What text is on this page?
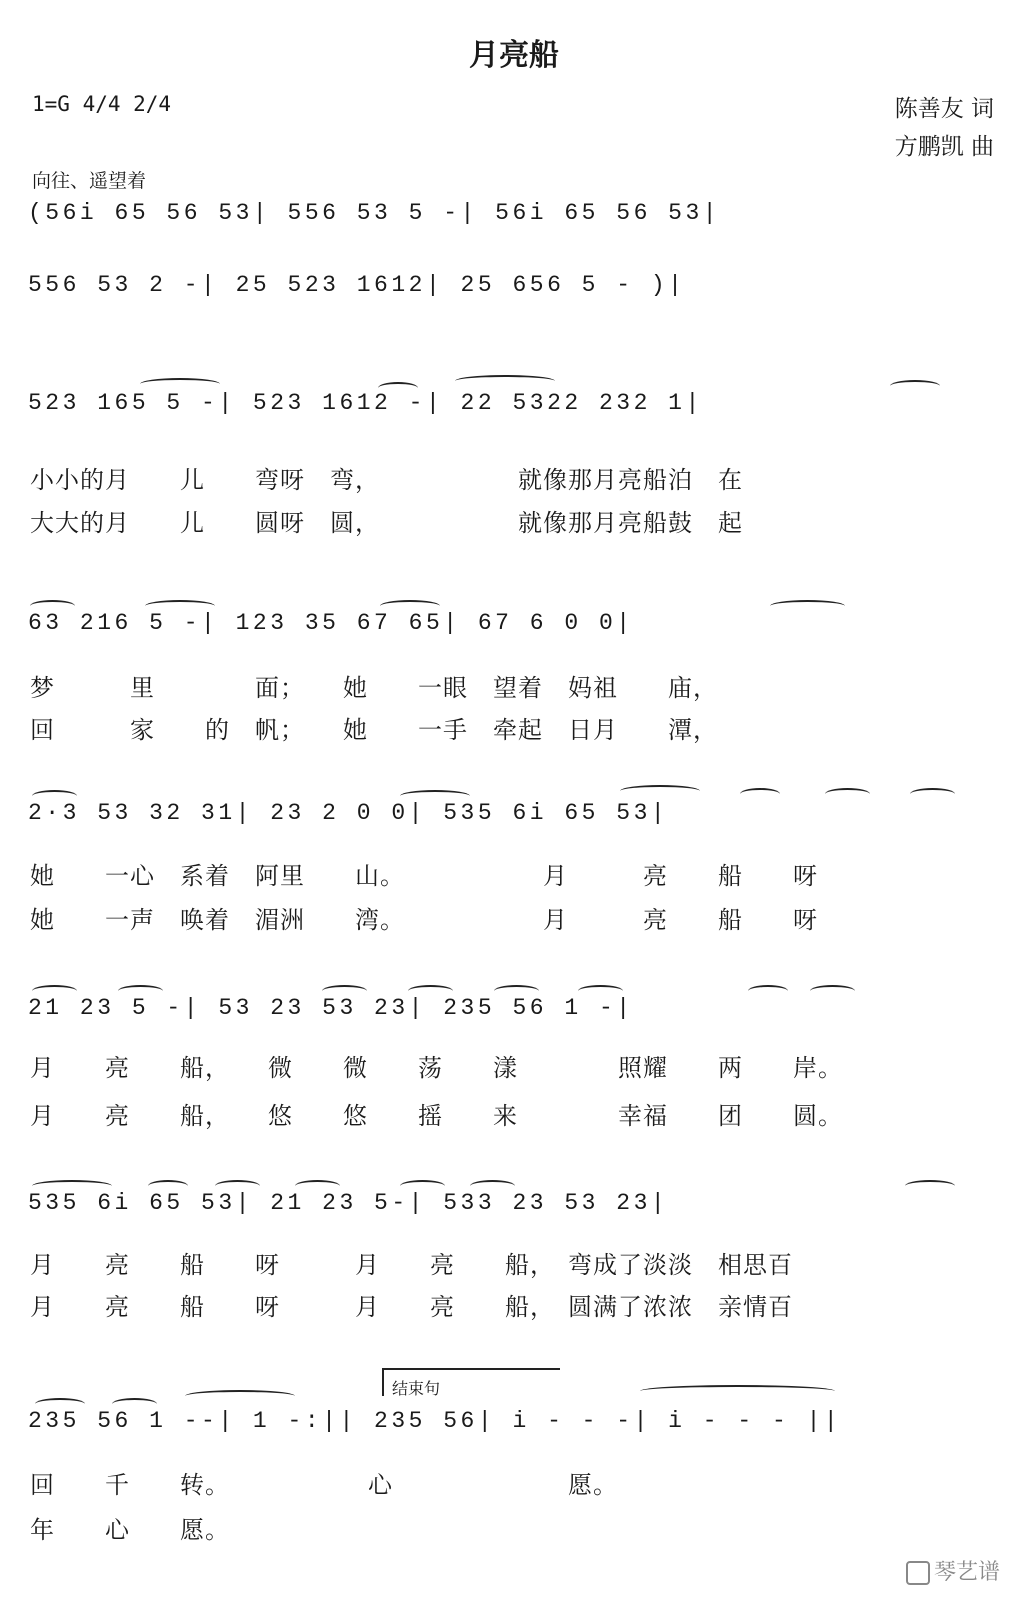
月亮船
1=G 4/4 2/4	陈善友 词
方鹏凯 曲
向往、遥望着
(56i 65 56 53| 556 53 5 -| 56i 65 56 53|
556 53 2 -| 25 523 1612| 25 656 5 - )|
523 165 5 -| 523 1612 -| 22 5322 232 1|
63 216 5 -| 123 35 67 65| 67 6 0 0|
2·3 53 32 31| 23 2 0 0| 535 6i 65 53|
21 23 5 -| 53 23 53 23| 235 56 1 -|
535 6i 65 53| 21 23 5-| 533 23 53 23|
235 56 1 --| 1 -:|| 235 56| i - - -| i - - - ||
结束句
小小的月　　儿　　弯呀　弯，　　　　　　就像那月亮船泊　在
大大的月　　儿　　圆呀　圆，　　　　　　就像那月亮船鼓　起
梦　　　里　　　　面；　　她　　一眼　望着　妈祖　　庙，
回　　　家　　的　帆；　　她　　一手　牵起　日月　　潭，
她　　一心　系着　阿里　　山。　　　　　　月　　　亮　　船　　呀
她　　一声　唤着　湄洲　　湾。　　　　　　月　　　亮　　船　　呀
月　　亮　　船，　　微　　微　　荡　　漾　　　　照耀　　两　　岸。
月　　亮　　船，　　悠　　悠　　摇　　来　　　　幸福　　团　　圆。
月　　亮　　船　　呀　　　月　　亮　　船，　弯成了淡淡　相思百
月　　亮　　船　　呀　　　月　　亮　　船，　圆满了浓浓　亲情百
回　　千　　转。　　　　　　心　　　　　　　愿。
年　　心　　愿。
琴艺谱
